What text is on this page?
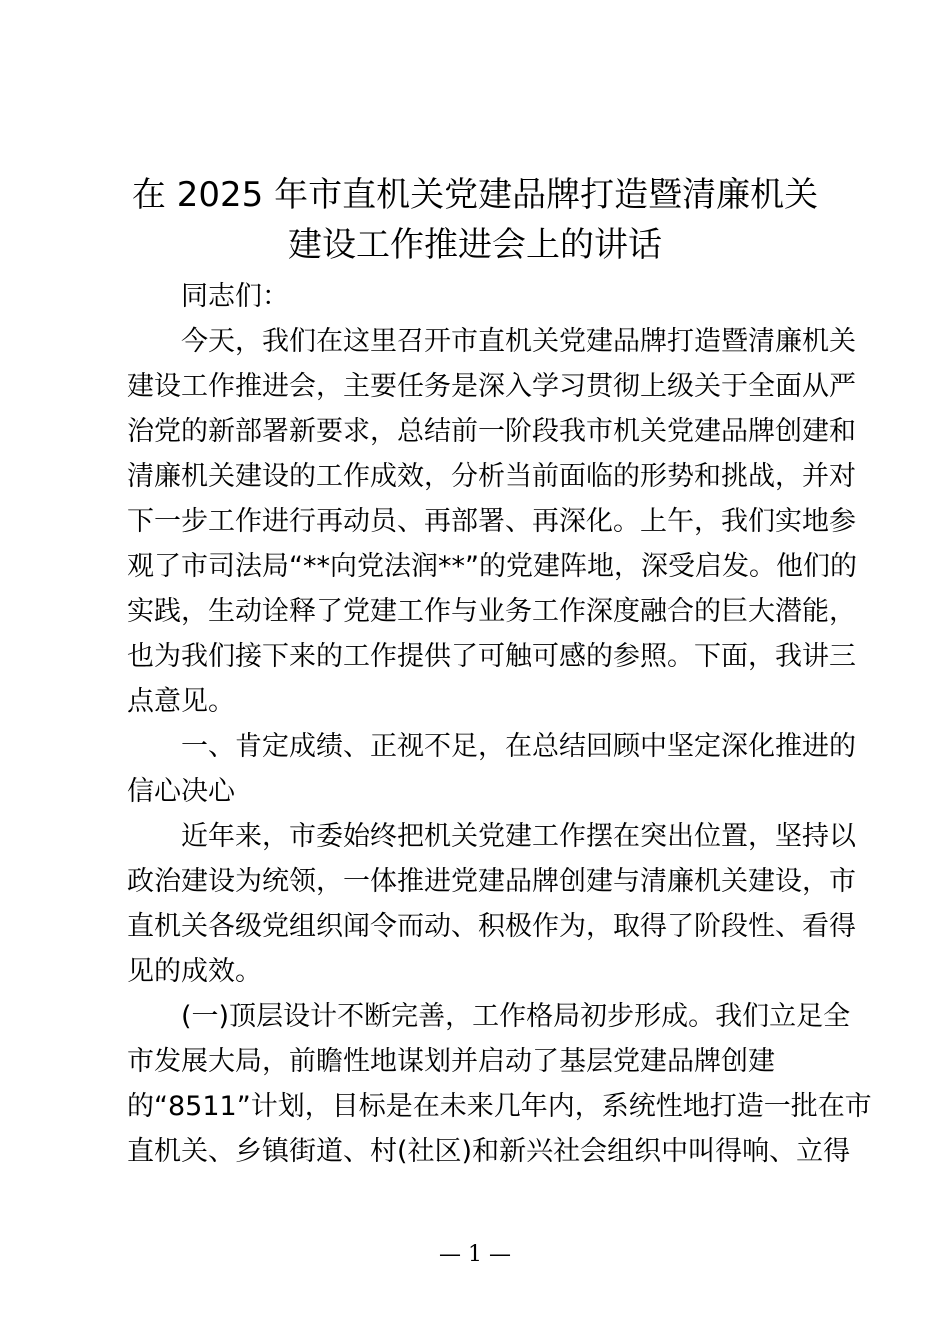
在 2025 年市直机关党建品牌打造暨清廉机关
建设工作推进会上的讲话
　　同志们：
　　今天，我们在这里召开市直机关党建品牌打造暨清廉机关
建设工作推进会，主要任务是深入学习贯彻上级关于全面从严
治党的新部署新要求，总结前一阶段我市机关党建品牌创建和
清廉机关建设的工作成效，分析当前面临的形势和挑战，并对
下一步工作进行再动员、再部署、再深化。上午，我们实地参
观了市司法局“**向党法润**”的党建阵地，深受启发。他们的
实践，生动诠释了党建工作与业务工作深度融合的巨大潜能，
也为我们接下来的工作提供了可触可感的参照。下面，我讲三
点意见。
　　一、肯定成绩、正视不足，在总结回顾中坚定深化推进的
信心决心
　　近年来，市委始终把机关党建工作摆在突出位置，坚持以
政治建设为统领，一体推进党建品牌创建与清廉机关建设，市
直机关各级党组织闻令而动、积极作为，取得了阶段性、看得
见的成效。
　　(一)顶层设计不断完善，工作格局初步形成。我们立足全
市发展大局，前瞻性地谋划并启动了基层党建品牌创建
的“8511”计划，目标是在未来几年内，系统性地打造一批在市
直机关、乡镇街道、村(社区)和新兴社会组织中叫得响、立得
— 1 —
